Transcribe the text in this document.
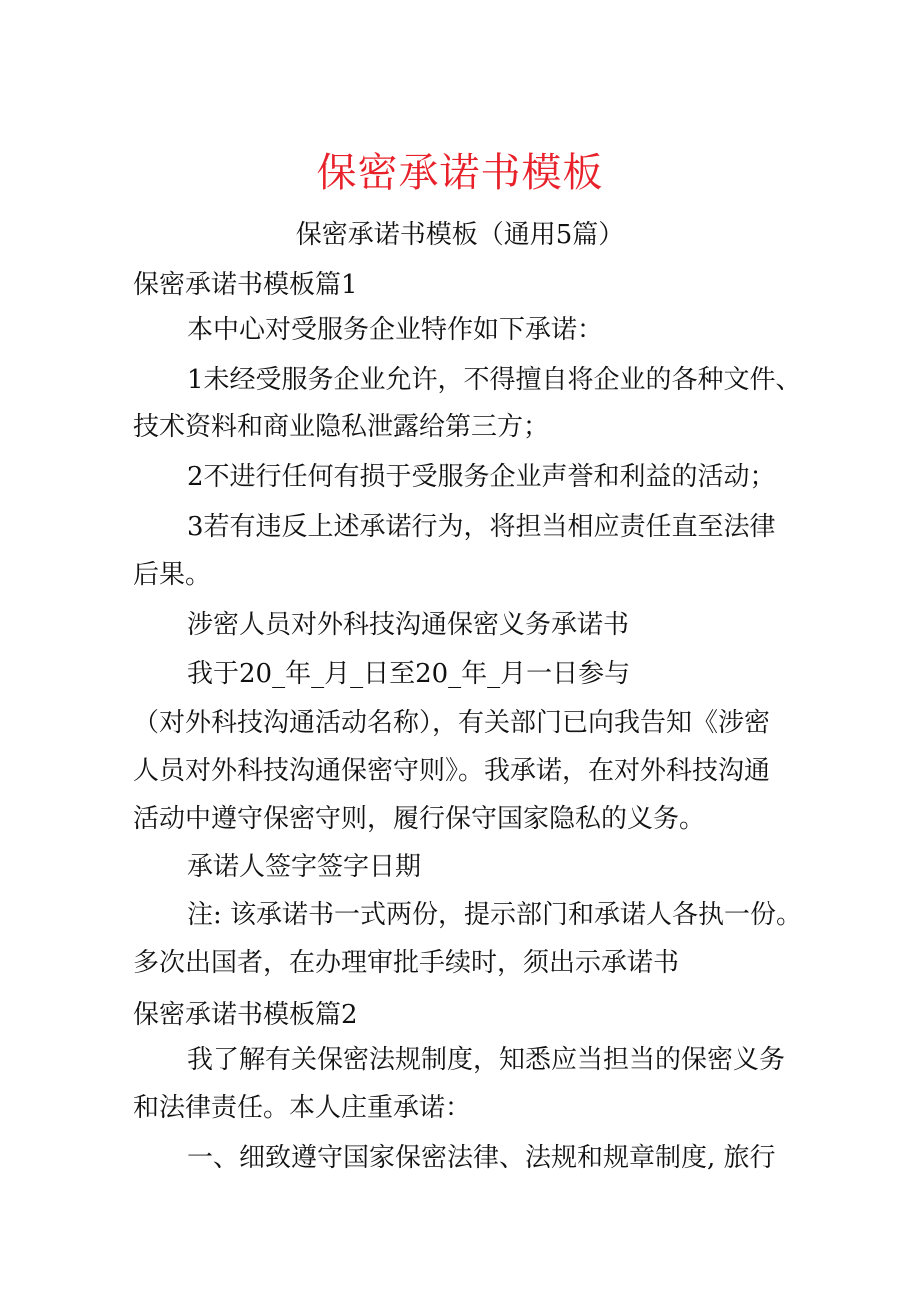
保密承诺书模板
保密承诺书模板（通用5篇）
保密承诺书模板篇1
本中心对受服务企业特作如下承诺：
1未经受服务企业允许，不得擅自将企业的各种文件、
技术资料和商业隐私泄露给第三方；
2不进行任何有损于受服务企业声誉和利益的活动；
3若有违反上述承诺行为，将担当相应责任直至法律
后果。
涉密人员对外科技沟通保密义务承诺书
我于20_年_月_日至20_年_月一日参与
（对外科技沟通活动名称），有关部门已向我告知《涉密
人员对外科技沟通保密守则》。我承诺，在对外科技沟通
活动中遵守保密守则，履行保守国家隐私的义务。
承诺人签字签字日期
注: 该承诺书一式两份，提示部门和承诺人各执一份。
多次出国者，在办理审批手续时，须出示承诺书
保密承诺书模板篇2
我了解有关保密法规制度，知悉应当担当的保密义务
和法律责任。本人庄重承诺：
一、细致遵守国家保密法律、法规和规章制度, 旅行
